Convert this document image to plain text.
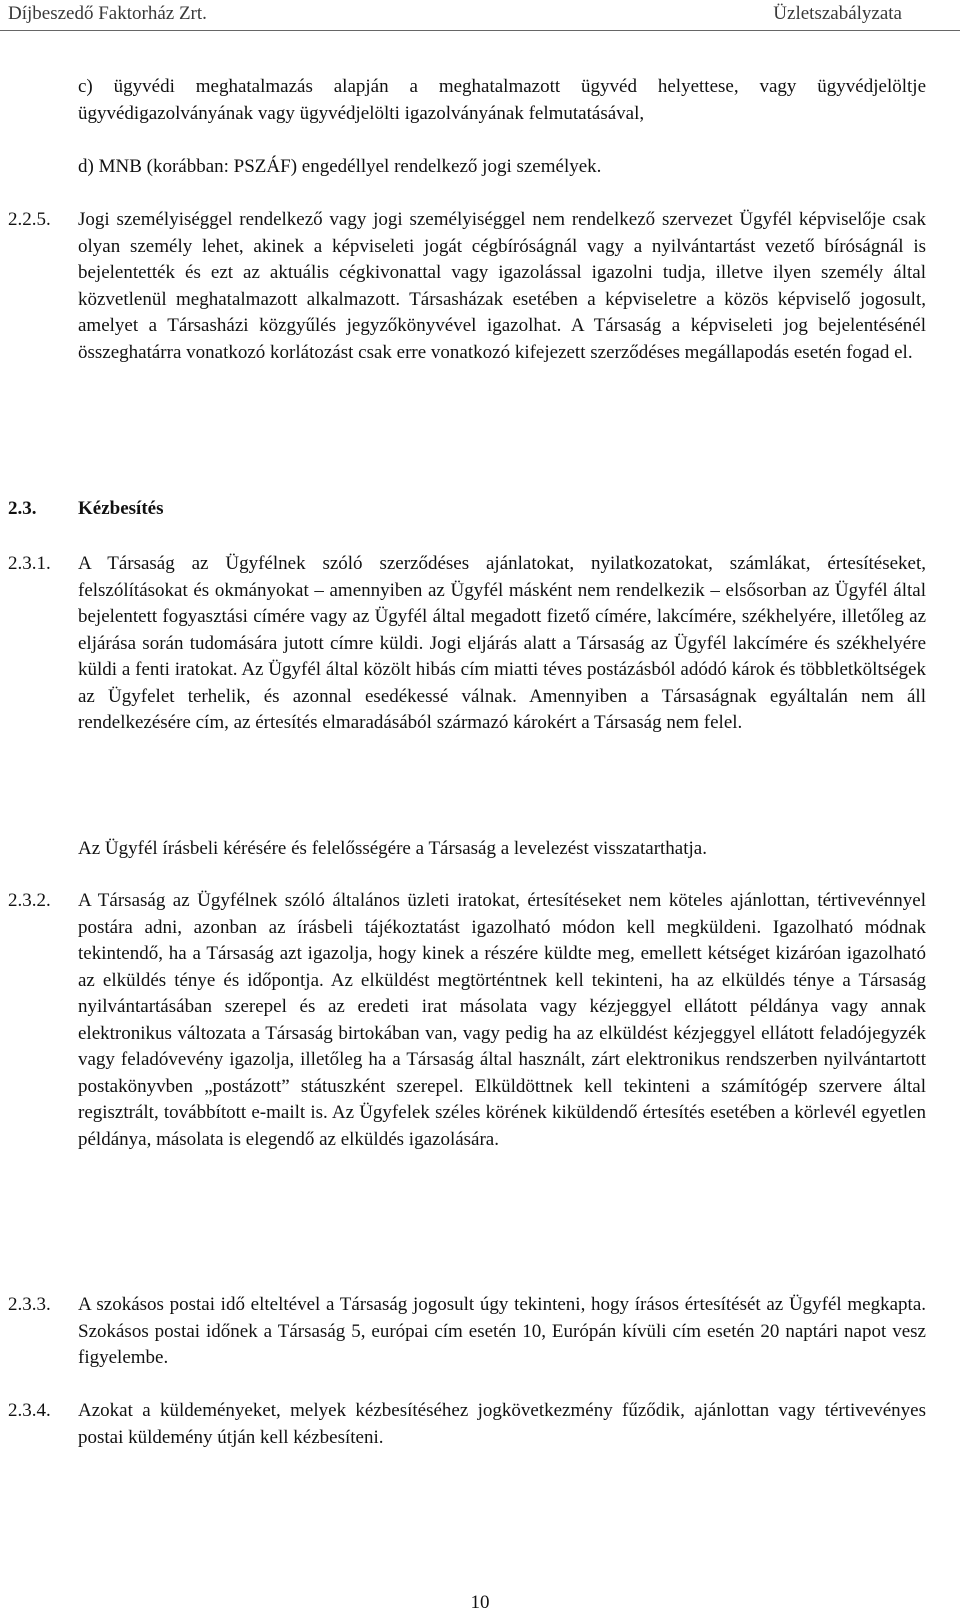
Díjbeszedő Faktorház Zrt.	Üzletszabályzata
c) ügyvédi meghatalmazás alapján a meghatalmazott ügyvéd helyettese, vagy ügyvédjelöltje ügyvédigazolványának vagy ügyvédjelölti igazolványának felmutatásával,
d) MNB (korábban: PSZÁF) engedéllyel rendelkező jogi személyek.
2.2.5. Jogi személyiséggel rendelkező vagy jogi személyiséggel nem rendelkező szervezet Ügyfél képviselője csak olyan személy lehet, akinek a képviseleti jogát cégbíróságnál vagy a nyilvántartást vezető bíróságnál is bejelentették és ezt az aktuális cégkivonattal vagy igazolással igazolni tudja, illetve ilyen személy által közvetlenül meghatalmazott alkalmazott. Társasházak esetében a képviseletre a közös képviselő jogosult, amelyet a Társasházi közgyűlés jegyzőkönyvével igazolhat. A Társaság a képviseleti jog bejelentésénél összeghatárra vonatkozó korlátozást csak erre vonatkozó kifejezett szerződéses megállapodás esetén fogad el.
2.3. Kézbesítés
2.3.1. A Társaság az Ügyfélnek szóló szerződéses ajánlatokat, nyilatkozatokat, számlákat, értesítéseket, felszólításokat és okmányokat – amennyiben az Ügyfél másként nem rendelkezik – elsősorban az Ügyfél által bejelentett fogyasztási címére vagy az Ügyfél által megadott fizető címére, lakcímére, székhelyére, illetőleg az eljárása során tudomására jutott címre küldi. Jogi eljárás alatt a Társaság az Ügyfél lakcímére és székhelyére küldi a fenti iratokat. Az Ügyfél által közölt hibás cím miatti téves postázásból adódó károk és többletköltségek az Ügyfelet terhelik, és azonnal esedékessé válnak. Amennyiben a Társaságnak egyáltalán nem áll rendelkezésére cím, az értesítés elmaradásából származó károkért a Társaság nem felel.
Az Ügyfél írásbeli kérésére és felelősségére a Társaság a levelezést visszatarthatja.
2.3.2. A Társaság az Ügyfélnek szóló általános üzleti iratokat, értesítéseket nem köteles ajánlottan, tértivevénnyel postára adni, azonban az írásbeli tájékoztatást igazolható módon kell megküldeni. Igazolható módnak tekintendő, ha a Társaság azt igazolja, hogy kinek a részére küldte meg, emellett kétséget kizáróan igazolható az elküldés ténye és időpontja. Az elküldést megtörténtnek kell tekinteni, ha az elküldés ténye a Társaság nyilvántartásában szerepel és az eredeti irat másolata vagy kézjeggyel ellátott példánya vagy annak elektronikus változata a Társaság birtokában van, vagy pedig ha az elküldést kézjeggyel ellátott feladójegyzék vagy feladóvevény igazolja, illetőleg ha a Társaság által használt, zárt elektronikus rendszerben nyilvántartott postakönyvben „postázott” státuszként szerepel. Elküldöttnek kell tekinteni a számítógép szervere által regisztrált, továbbított e-mailt is. Az Ügyfelek széles körének kiküldendő értesítés esetében a körlevél egyetlen példánya, másolata is elegendő az elküldés igazolására.
2.3.3. A szokásos postai idő elteltével a Társaság jogosult úgy tekinteni, hogy írásos értesítését az Ügyfél megkapta. Szokásos postai időnek a Társaság 5, európai cím esetén 10, Európán kívüli cím esetén 20 naptári napot vesz figyelembe.
2.3.4. Azokat a küldeményeket, melyek kézbesítéséhez jogkövetkezmény fűződik, ajánlottan vagy tértivevényes postai küldemény útján kell kézbesíteni.
10
